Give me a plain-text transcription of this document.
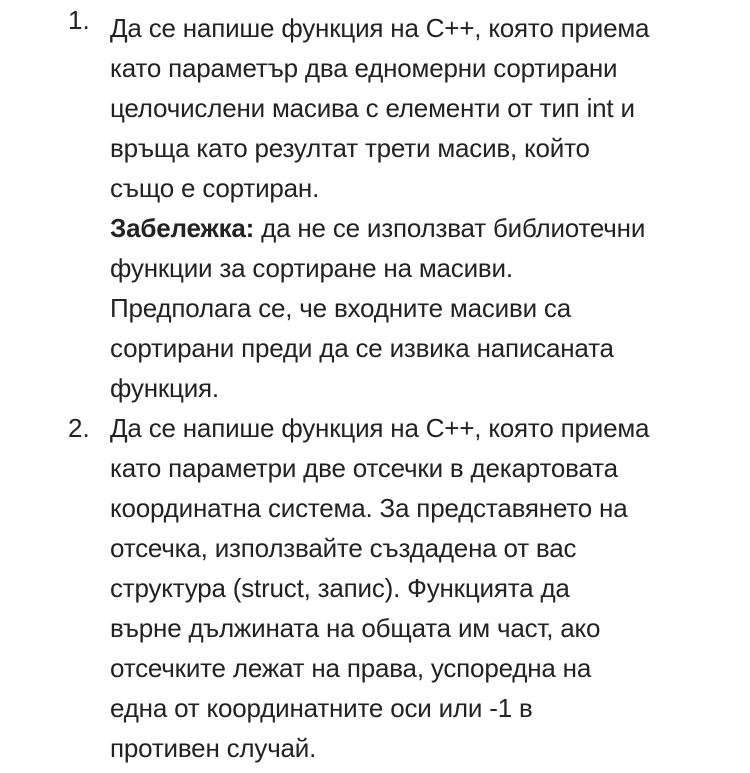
1. Да се напише функция на C++, която приема

като параметър два едномерни сортирани

целочислени масива с елементи от тип int и

връща като резултат трети масив, който

също е сортиран.

Забележка: да не се използват библиотечни

функции за сортиране на масиви.

Предполага се, че входните масиви са

сортирани преди да се извика написаната

функция.

2. Да се напише функция на C++, която приема

като параметри две отсечки в декартовата

координатна система. За представянето на

отсечка, използвайте създадена от вас

структура (struct, запис). Функцията да

върне дължината на общата им част, ако

отсечките лежат на права, успоредна на

една от координатните оси или -1 в

противен случай.
